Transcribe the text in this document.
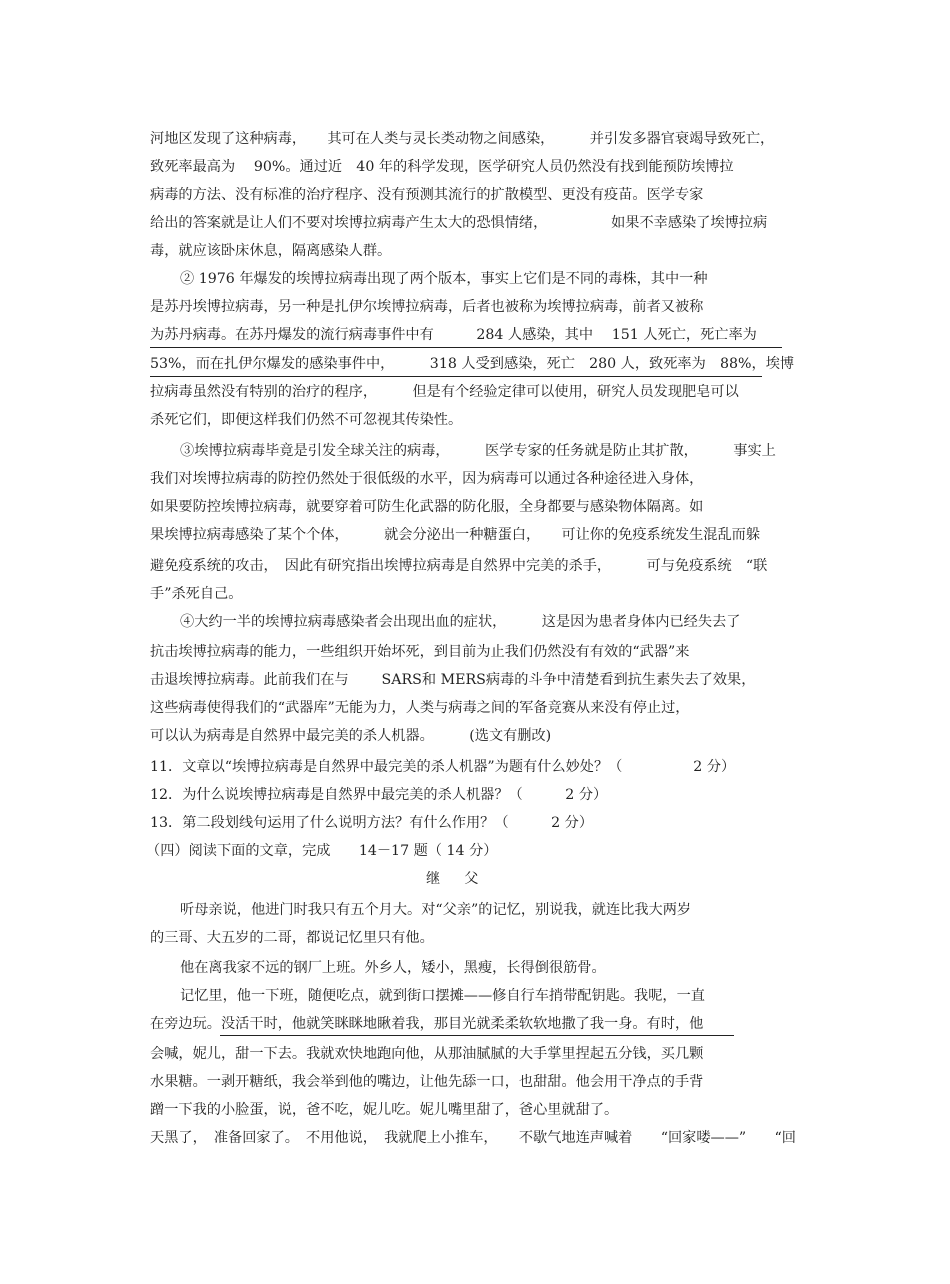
河地区发现了这种病毒，　　其可在人类与灵长类动物之间感染，　　　并引发多器官衰竭导致死亡，
致死率最高为　 90%。通过近　40 年的科学发现，医学研究人员仍然没有找到能预防埃博拉
病毒的方法、没有标准的治疗程序、没有预测其流行的扩散模型、更没有疫苗。医学专家
给出的答案就是让人们不要对埃博拉病毒产生太大的恐惧情绪，　　　　　如果不幸感染了埃博拉病
毒，就应该卧床休息，隔离感染人群。
② 1976 年爆发的埃博拉病毒出现了两个版本，事实上它们是不同的毒株，其中一种
是苏丹埃博拉病毒，另一种是扎伊尔埃博拉病毒，后者也被称为埃博拉病毒，前者又被称
为苏丹病毒。在苏丹爆发的流行病毒事件中有　　　284 人感染，其中　 151 人死亡，死亡率为
53%，而在扎伊尔爆发的感染事件中，　　　318 人受到感染，死亡　280 人，致死率为　88%，埃博
拉病毒虽然没有特别的治疗的程序，　　　但是有个经验定律可以使用，研究人员发现肥皂可以
杀死它们，即便这样我们仍然不可忽视其传染性。
③埃博拉病毒毕竟是引发全球关注的病毒，　　　医学专家的任务就是防止其扩散，　　　事实上
我们对埃博拉病毒的防控仍然处于很低级的水平，因为病毒可以通过各种途径进入身体，
如果要防控埃博拉病毒，就要穿着可防生化武器的防化服，全身都要与感染物体隔离。如
果埃博拉病毒感染了某个个体，　　　就会分泌出一种糖蛋白，　　可让你的免疫系统发生混乱而躲
避免疫系统的攻击，　因此有研究指出埃博拉病毒是自然界中完美的杀手，　　　可与免疫系统　“联
手”杀死自己。
④大约一半的埃博拉病毒感染者会出现出血的症状，　　　这是因为患者身体内已经失去了
抗击埃博拉病毒的能力，一些组织开始坏死，到目前为止我们仍然没有有效的“武器”来
击退埃博拉病毒。此前我们在与　　 SARS和 MERS病毒的斗争中清楚看到抗生素失去了效果，
这些病毒使得我们的“武器库”无能为力，人类与病毒之间的军备竞赛从来没有停止过，
可以认为病毒是自然界中最完美的杀人机器。　　　(选文有删改)
11．文章以“埃博拉病毒是自然界中最完美的杀人机器”为题有什么妙处？（　　　　　2 分）
12．为什么说埃博拉病毒是自然界中最完美的杀人机器？（　　　2 分）
13．第二段划线句运用了什么说明方法？有什么作用？（　　　2 分）
（四）阅读下面的文章，完成　　14－17 题（ 14 分）
继父
听母亲说，他进门时我只有五个月大。对“父亲”的记忆，别说我，就连比我大两岁
的三哥、大五岁的二哥，都说记忆里只有他。
他在离我家不远的钢厂上班。外乡人，矮小，黑瘦，长得倒很筋骨。
记忆里，他一下班，随便吃点，就到街口摆摊——修自行车捎带配钥匙。我呢，一直
在旁边玩。没活干时，他就笑眯眯地瞅着我，那目光就柔柔软软地撒了我一身。有时，他
会喊，妮儿，甜一下去。我就欢快地跑向他，从那油腻腻的大手掌里捏起五分钱，买几颗
水果糖。一剥开糖纸，我会举到他的嘴边，让他先舔一口，也甜甜。他会用干净点的手背
蹭一下我的小脸蛋，说，爸不吃，妮儿吃。妮儿嘴里甜了，爸心里就甜了。
天黑了，　准备回家了。　不用他说，　我就爬上小推车，　　不歇气地连声喊着　　“回家喽——”　　“回
